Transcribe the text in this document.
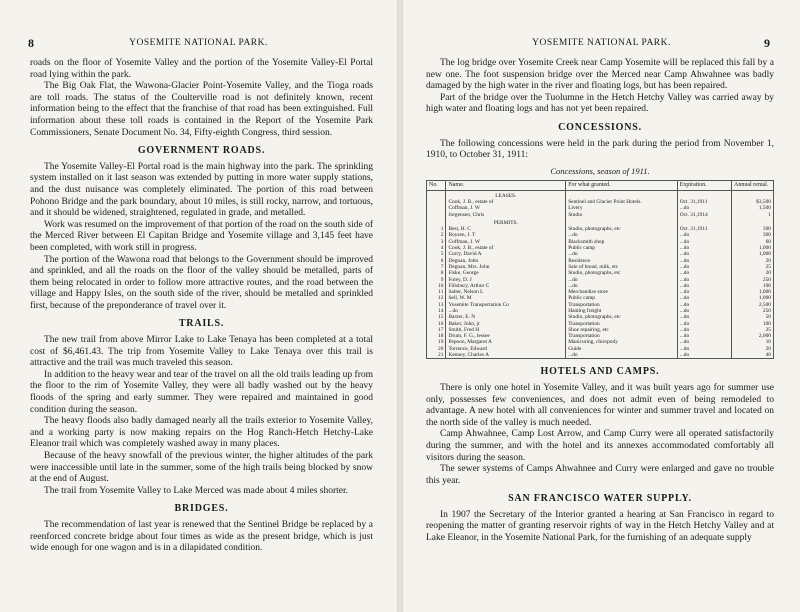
8	YOSEMITE NATIONAL PARK.

roads on the floor of Yosemite Valley and the portion of the Yosemite Valley-El Portal road lying within the park.

The Big Oak Flat, the Wawona-Glacier Point-Yosemite Valley, and the Tioga roads are toll roads. The status of the Coulterville road is not definitely known, recent information being to the effect that the franchise of that road has been extinguished. Full information about these toll roads is contained in the Report of the Yosemite Park Commissioners, Senate Document No. 34, Fifty-eighth Congress, third session.

GOVERNMENT ROADS.

The Yosemite Valley-El Portal road is the main highway into the park. The sprinkling system installed on it last season was extended by putting in more water supply stations, and the dust nuisance was completely eliminated. The portion of this road between Pohono Bridge and the park boundary, about 10 miles, is still rocky, narrow, and tortuous, and it should be widened, straightened, regulated in grade, and metalled.

Work was resumed on the improvement of that portion of the road on the south side of the Merced River between El Capitan Bridge and Yosemite village and 3,145 feet have been completed, with work still in progress.

The portion of the Wawona road that belongs to the Government should be improved and sprinkled, and all the roads on the floor of the valley should be metalled, parts of them being relocated in order to follow more attractive routes, and the road between the village and Happy Isles, on the south side of the river, should be metalled and sprinkled first, because of the preponderance of travel over it.

TRAILS.

The new trail from above Mirror Lake to Lake Tenaya has been completed at a total cost of $6,461.43. The trip from Yosemite Valley to Lake Tenaya over this trail is attractive and the trail was much traveled this season.

In addition to the heavy wear and tear of the travel on all the old trails leading up from the floor to the rim of Yosemite Valley, they were all badly washed out by the heavy floods of the spring and early summer. They were repaired and maintained in good condition during the season.

The heavy floods also badly damaged nearly all the trails exterior to Yosemite Valley, and a working party is now making repairs on the Hog Ranch-Hetch Hetchy-Lake Eleanor trail which was completely washed away in many places.

Because of the heavy snowfall of the previous winter, the higher altitudes of the park were inaccessible until late in the summer, some of the high trails being blocked by snow at the end of August.

The trail from Yosemite Valley to Lake Merced was made about 4 miles shorter.

BRIDGES.

The recommendation of last year is renewed that the Sentinel Bridge be replaced by a reenforced concrete bridge about four times as wide as the present bridge, which is just wide enough for one wagon and is in a dilapidated condition.

YOSEMITE NATIONAL PARK.	9

The log bridge over Yosemite Creek near Camp Yosemite will be replaced this fall by a new one. The foot suspension bridge over the Merced near Camp Ahwahnee was badly damaged by the high water in the river and floating logs, but has been repaired.

Part of the bridge over the Tuolumne in the Hetch Hetchy Valley was carried away by high water and floating logs and has not yet been repaired.

CONCESSIONS.

The following concessions were held in the park during the period from November 1, 1910, to October 31, 1911:

Concessions, season of 1911.
No.	Name.	For what granted.	Expiration.	Annual rental.
	LEASES.			
	Cook, J. B., estate of	Sentinel and Glacier Point Hotels.	Oct. 31,1911	$3,500
	Coffman, J. W	Livery	...do	1,500
	Jorgensen, Chris	Studio	Oct. 31,1914	1
	PERMITS.			
1	Best, H. C	Studio, photographs, etc	Oct. 31,1911	300
2	Boysen, J. T	...do	...do	300
3	Coffman, J. W	Blacksmith shop	...do	60
4	Cook, J. B., estate of	Public camp	...do	1,000
5	Curry, David A	...do	...do	1,000
6	Degnan, John	Residence	...do	20
7	Degnan, Mrs. John	Sale of bread, milk, etc	...do	25
8	Fiske, George	Studio, photographs, etc	...do	20
9	Foley, D. J	...do	...do	250
10	Fillsbury, Arthur C	...do	...do	100
11	Salter, Nelson L	Merchandise store	...do	1,000
12	Sell, W. M	Public camp	...do	1,000
13	Yosemite Transportation Co	Transportation	...do	2,500
14	...do	Hauling freight	...do	250
15	Baxter, E. N	Studio, photographs, etc	...do	50
16	Baker, John, jr	Transportation	...do	100
17	Smith, Fred H	Shoe repairing, etc	...do	25
18	Drum, F. G., lessee	Transportation	...do	2,000
19	Pepoon, Margaret A	Manicuring, chiropody	...do	10
20	Torrence, Edward	Guide	...do	20
21	Kenney, Charles A	...do	...do	40
HOTELS AND CAMPS.

There is only one hotel in Yosemite Valley, and it was built years ago for summer use only, possesses few conveniences, and does not admit even of being remodeled to advantage. A new hotel with all conveniences for winter and summer travel and located on the north side of the valley is much needed.

Camp Ahwahnee, Camp Lost Arrow, and Camp Curry were all operated satisfactorily during the summer, and with the hotel and its annexes accommodated comfortably all visitors during the season.

The sewer systems of Camps Ahwahnee and Curry were enlarged and gave no trouble this year.

SAN FRANCISCO WATER SUPPLY.

In 1907 the Secretary of the Interior granted a hearing at San Francisco in regard to reopening the matter of granting reservoir rights of way in the Hetch Hetchy Valley and at Lake Eleanor, in the Yosemite National Park, for the furnishing of an adequate supply
